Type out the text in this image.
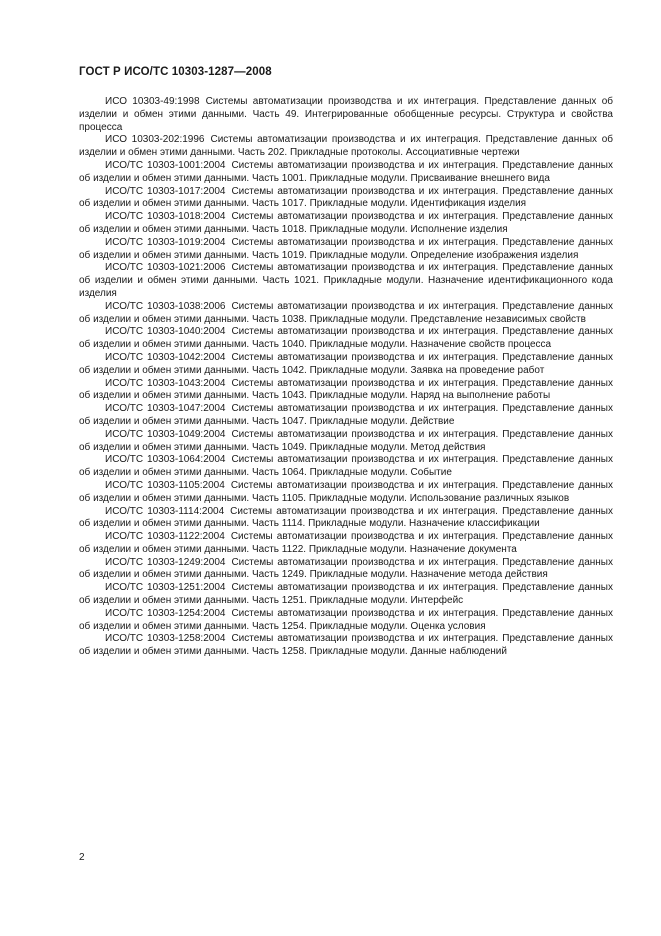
ГОСТ Р ИСО/ТС 10303-1287—2008

ИСО 10303-49:1998 Системы автоматизации производства и их интеграция. Представление данных об изделии и обмен этими данными. Часть 49. Интегрированные обобщенные ресурсы. Структура и свойства процесса

ИСО 10303-202:1996 Cистемы автоматизации производства и их интеграция. Представление данных об изделии и обмен этими данными. Часть 202. Прикладные протоколы. Ассоциативные чертежи

ИСО/ТС 10303-1001:2004 Системы автоматизации производства и их интеграция. Представление данных об изделии и обмен этими данными. Часть 1001. Прикладные модули. Присваивание внешнего вида

ИСО/ТС 10303-1017:2004 Системы автоматизации производства и их интеграция. Представление данных об изделии и обмен этими данными. Часть 1017. Прикладные модули. Идентификация изделия

ИСО/ТС 10303-1018:2004 Системы автоматизации производства и их интеграция. Представление данных об изделии и обмен этими данными. Часть 1018. Прикладные модули. Исполнение изделия

ИСО/ТС 10303-1019:2004 Системы автоматизации производства и их интеграция. Представление данных об изделии и обмен этими данными. Часть 1019. Прикладные модули. Определение изображения изделия

ИСО/ТС 10303-1021:2006 Системы автоматизации производства и их интеграция. Представление данных об изделии и обмен этими данными. Часть 1021. Прикладные модули. Назначение идентификационного кода изделия

ИСО/ТС 10303-1038:2006 Системы автоматизации производства и их интеграция. Представление данных об изделии и обмен этими данными. Часть 1038. Прикладные модули. Представление независимых свойств

ИСО/ТС 10303-1040:2004 Системы автоматизации производства и их интеграция. Представление данных об изделии и обмен этими данными. Часть 1040. Прикладные модули. Назначение свойств процесса

ИСО/ТС 10303-1042:2004 Системы автоматизации производства и их интеграция. Представление данных об изделии и обмен этими данными. Часть 1042. Прикладные модули. Заявка на проведение работ

ИСО/ТС 10303-1043:2004 Системы автоматизации производства и их интеграция. Представление данных об изделии и обмен этими данными. Часть 1043. Прикладные модули. Наряд на выполнение работы

ИСО/ТС 10303-1047:2004 Системы автоматизации производства и их интеграция. Представление данных об изделии и обмен этими данными. Часть 1047. Прикладные модули. Действие

ИСО/ТС 10303-1049:2004 Системы автоматизации производства и их интеграция. Представление данных об изделии и обмен этими данными. Часть 1049. Прикладные модули. Метод действия

ИСО/ТС 10303-1064:2004 Системы автоматизации производства и их интеграция. Представление данных об изделии и обмен этими данными. Часть 1064. Прикладные модули. Событие

ИСО/ТС 10303-1105:2004 Системы автоматизации производства и их интеграция. Представление данных об изделии и обмен этими данными. Часть 1105. Прикладные модули. Использование различных языков

ИСО/ТС 10303-1114:2004 Системы автоматизации производства и их интеграция. Представление данных об изделии и обмен этими данными. Часть 1114. Прикладные модули. Назначение классификации

ИСО/ТС 10303-1122:2004 Системы автоматизации производства и их интеграция. Представление данных об изделии и обмен этими данными. Часть 1122. Прикладные модули. Назначение документа

ИСО/ТС 10303-1249:2004 Системы автоматизации производства и их интеграция. Представление данных об изделии и обмен этими данными. Часть 1249. Прикладные модули. Назначение метода действия

ИСО/ТС 10303-1251:2004 Системы автоматизации производства и их интеграция. Представление данных об изделии и обмен этими данными. Часть 1251. Прикладные модули. Интерфейс

ИСО/ТС 10303-1254:2004 Системы автоматизации производства и их интеграция. Представление данных об изделии и обмен этими данными. Часть 1254. Прикладные модули. Оценка условия

ИСО/ТС 10303-1258:2004 Системы автоматизации производства и их интеграция. Представление данных об изделии и обмен этими данными. Часть 1258. Прикладные модули. Данные наблюдений

2
